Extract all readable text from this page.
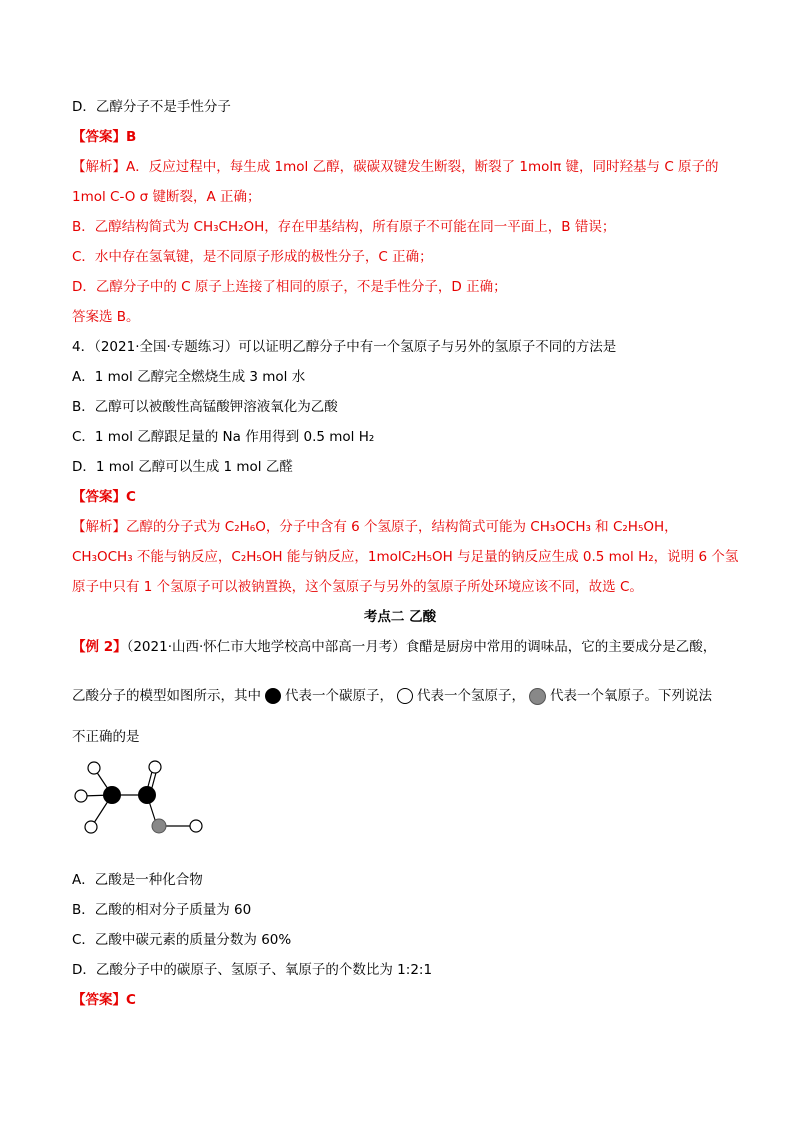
D．乙醇分子不是手性分子
【答案】B
【解析】A．反应过程中，每生成 1mol 乙醇，碳碳双键发生断裂，断裂了 1molπ 键，同时羟基与 C 原子的
1mol C-O σ 键断裂，A 正确；
B．乙醇结构简式为 CH₃CH₂OH，存在甲基结构，所有原子不可能在同一平面上，B 错误；
C．水中存在氢氧键，是不同原子形成的极性分子，C 正确；
D．乙醇分子中的 C 原子上连接了相同的原子，不是手性分子，D 正确；
答案选 B。
4．（2021·全国·专题练习）可以证明乙醇分子中有一个氢原子与另外的氢原子不同的方法是
A．1 mol 乙醇完全燃烧生成 3 mol 水
B．乙醇可以被酸性高锰酸钾溶液氧化为乙酸
C．1 mol 乙醇跟足量的 Na 作用得到 0.5 mol H₂
D．1 mol 乙醇可以生成 1 mol 乙醛
【答案】C
【解析】乙醇的分子式为 C₂H₆O，分子中含有 6 个氢原子，结构简式可能为 CH₃OCH₃ 和 C₂H₅OH，
CH₃OCH₃ 不能与钠反应，C₂H₅OH 能与钠反应，1molC₂H₅OH 与足量的钠反应生成 0.5 mol H₂，说明 6 个氢
原子中只有 1 个氢原子可以被钠置换，这个氢原子与另外的氢原子所处环境应该不同，故选 C。
考点二 乙酸
【例 2】（2021·山西·怀仁市大地学校高中部高一月考）食醋是厨房中常用的调味品，它的主要成分是乙酸，
乙酸分子的模型如图所示，其中 代表一个碳原子， 代表一个氢原子， 代表一个氧原子。下列说法
不正确的是
A．乙酸是一种化合物
B．乙酸的相对分子质量为 60
C．乙酸中碳元素的质量分数为 60%
D．乙酸分子中的碳原子、氢原子、氧原子的个数比为 1:2:1
【答案】C
